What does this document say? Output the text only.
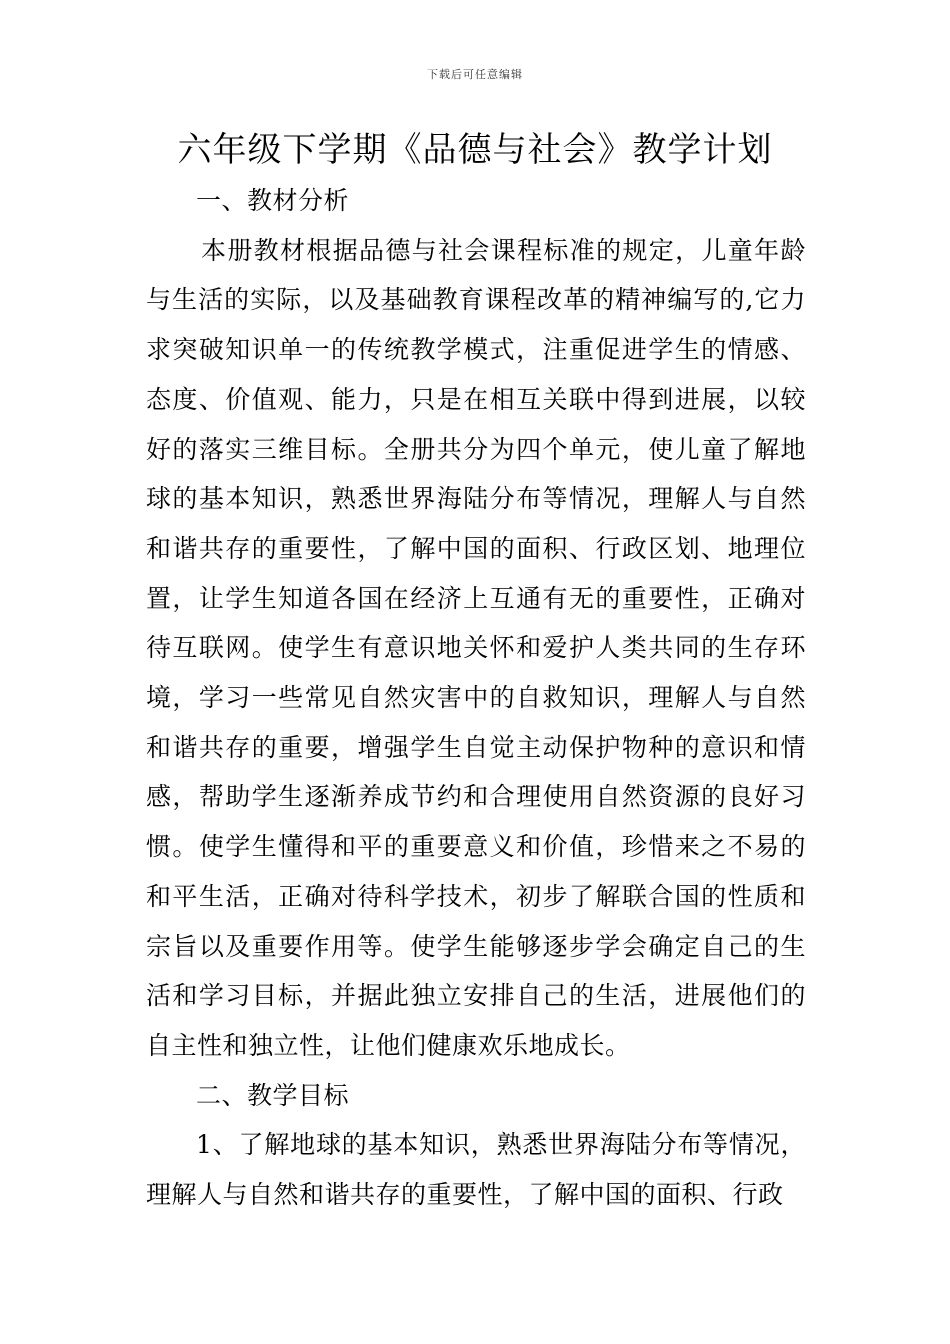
下载后可任意编辑
六年级下学期《品德与社会》教学计划
一、教材分析

本册教材根据品德与社会课程标准的规定，儿童年龄与生活的实际，以及基础教育课程改革的精神编写的,它力求突破知识单一的传统教学模式，注重促进学生的情感、态度、价值观、能力，只是在相互关联中得到进展，以较好的落实三维目标。全册共分为四个单元，使儿童了解地球的基本知识，熟悉世界海陆分布等情况，理解人与自然和谐共存的重要性，了解中国的面积、行政区划、地理位置，让学生知道各国在经济上互通有无的重要性，正确对待互联网。使学生有意识地关怀和爱护人类共同的生存环境，学习一些常见自然灾害中的自救知识，理解人与自然和谐共存的重要，增强学生自觉主动保护物种的意识和情感，帮助学生逐渐养成节约和合理使用自然资源的良好习惯。使学生懂得和平的重要意义和价值，珍惜来之不易的和平生活，正确对待科学技术，初步了解联合国的性质和宗旨以及重要作用等。使学生能够逐步学会确定自己的生活和学习目标，并据此独立安排自己的生活，进展他们的自主性和独立性，让他们健康欢乐地成长。

二、教学目标

1、了解地球的基本知识，熟悉世界海陆分布等情况，理解人与自然和谐共存的重要性，了解中国的面积、行政
